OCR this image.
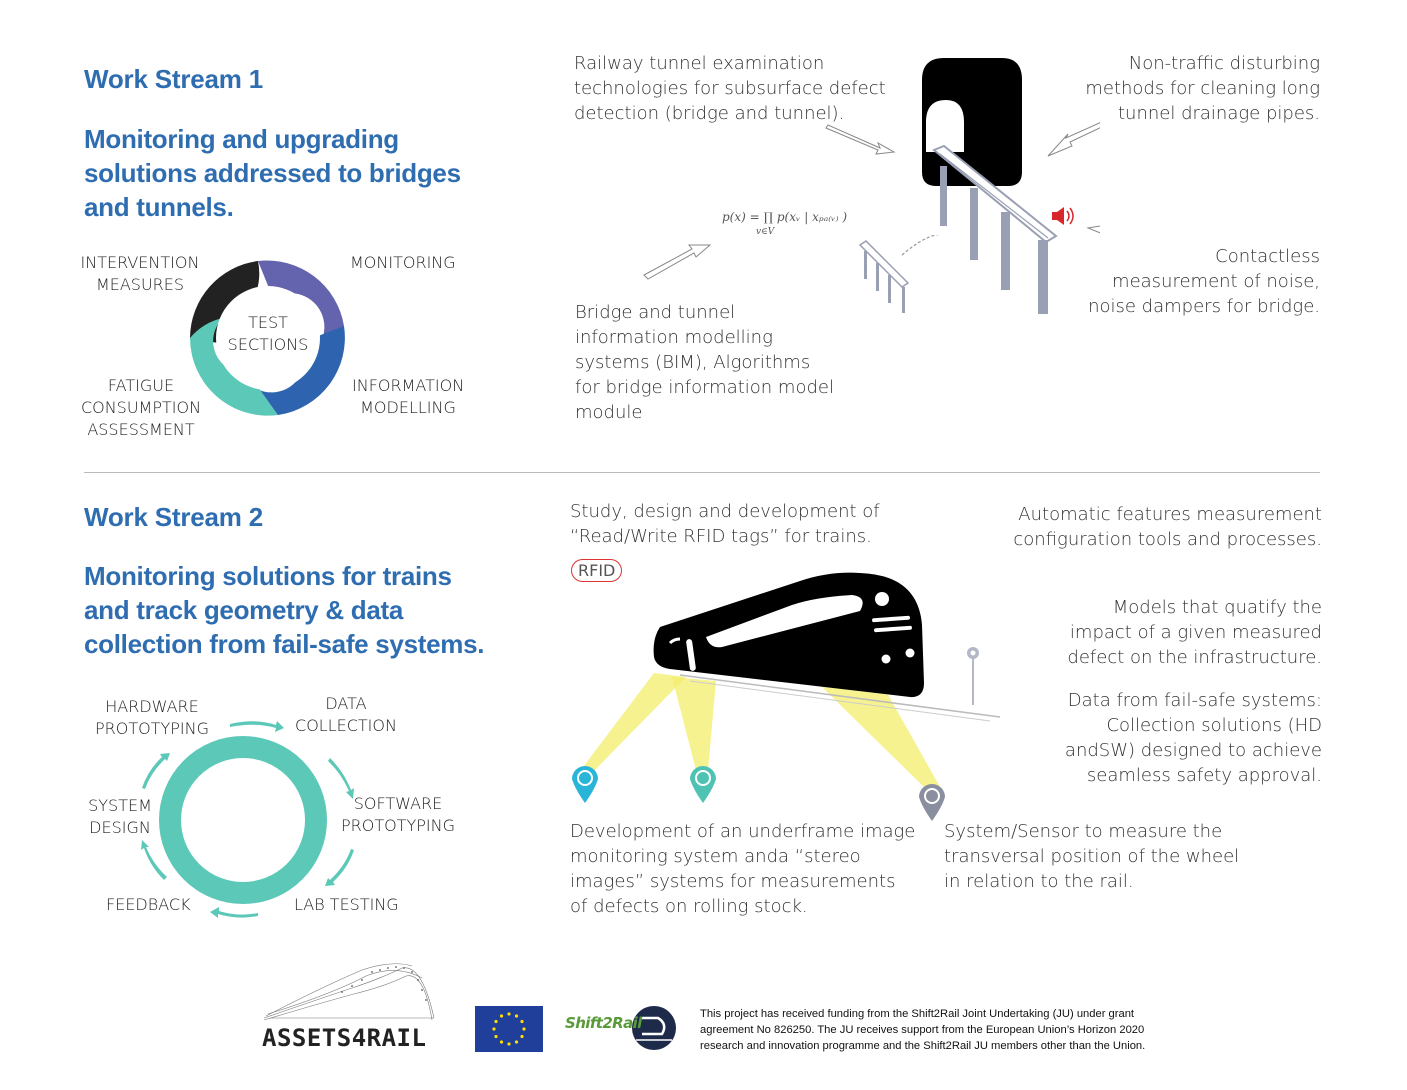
Work Stream 1
Monitoring and upgrading
solutions addressed to bridges
and tunnels.
TEST
SECTIONS
INTERVENTION
MEASURES
MONITORING
INFORMATION
MODELLING
FATIGUE
CONSUMPTION
ASSESSMENT
Railway tunnel examination
technologies for subsurface defect
detection (bridge and tunnel).
Non-traffic disturbing
methods for cleaning long
tunnel drainage pipes.
Contactless
measurement of noise,
noise dampers for bridge.
Bridge and tunnel
information modelling
systems (BIM), Algorithms
for bridge information model
module
p(x) = ∏ p(xᵥ | xₚₐ₍ᵥ₎ )
v∈V
Work Stream 2
Monitoring solutions for trains
and track geometry & data
collection from fail-safe systems.
HARDWARE
PROTOTYPING
DATA
COLLECTION
SYSTEM
DESIGN
SOFTWARE
PROTOTYPING
FEEDBACK	LAB TESTING
Study, design and development of
“Read/Write RFID tags” for trains.
RFID
Automatic features measurement
configuration tools and processes.
Models that quatify the
impact of a given measured
defect on the infrastructure.
Data from fail-safe systems:
Collection solutions (HD
andSW) designed to achieve
seamless safety approval.
Development of an underframe image
monitoring system anda “stereo
images” systems for measurements
of defects on rolling stock.
System/Sensor to measure the
transversal position of the wheel
in relation to the rail.
ASSETS4RAIL
Shift2Rail	This project has received funding from the Shift2Rail Joint Undertaking (JU) under grant
agreement No 826250. The JU receives support from the European Union’s Horizon 2020
research and innovation programme and the Shift2Rail JU members other than the Union.
